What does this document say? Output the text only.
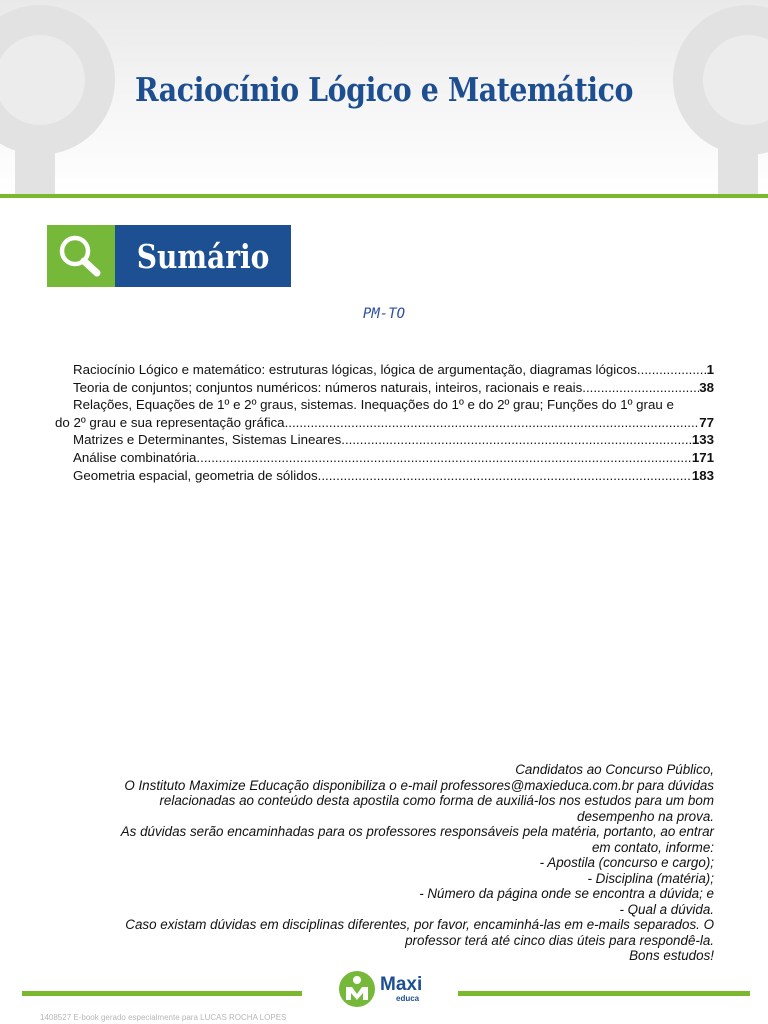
Raciocínio Lógico e Matemático
Sumário
PM-TO
Raciocínio Lógico e matemático: estruturas lógicas, lógica de argumentação, diagramas lógicos. .....	1
Teoria de conjuntos; conjuntos numéricos: números naturais, inteiros, racionais e reais. .....	38
Relações, Equações de 1º e 2º graus, sistemas. Inequações do 1º e do 2º grau; Funções do 1º grau e
do 2º grau e sua representação gráfica. .....	77
Matrizes e Determinantes, Sistemas Lineares. .....	133
Análise combinatória. .....	171
Geometria espacial, geometria de sólidos. .....	183
Candidatos ao Concurso Público,
O Instituto Maximize Educação disponibiliza o e-mail professores@maxieduca.com.br para dúvidas
relacionadas ao conteúdo desta apostila como forma de auxiliá-los nos estudos para um bom
desempenho na prova.
As dúvidas serão encaminhadas para os professores responsáveis pela matéria, portanto, ao entrar
em contato, informe:
- Apostila (concurso e cargo);
- Disciplina (matéria);
- Número da página onde se encontra a dúvida; e
- Qual a dúvida.
Caso existam dúvidas em disciplinas diferentes, por favor, encaminhá-las em e-mails separados. O
professor terá até cinco dias úteis para respondê-la.
Bons estudos!
Maxi
educa
1408527 E-book gerado especialmente para LUCAS ROCHA LOPES
